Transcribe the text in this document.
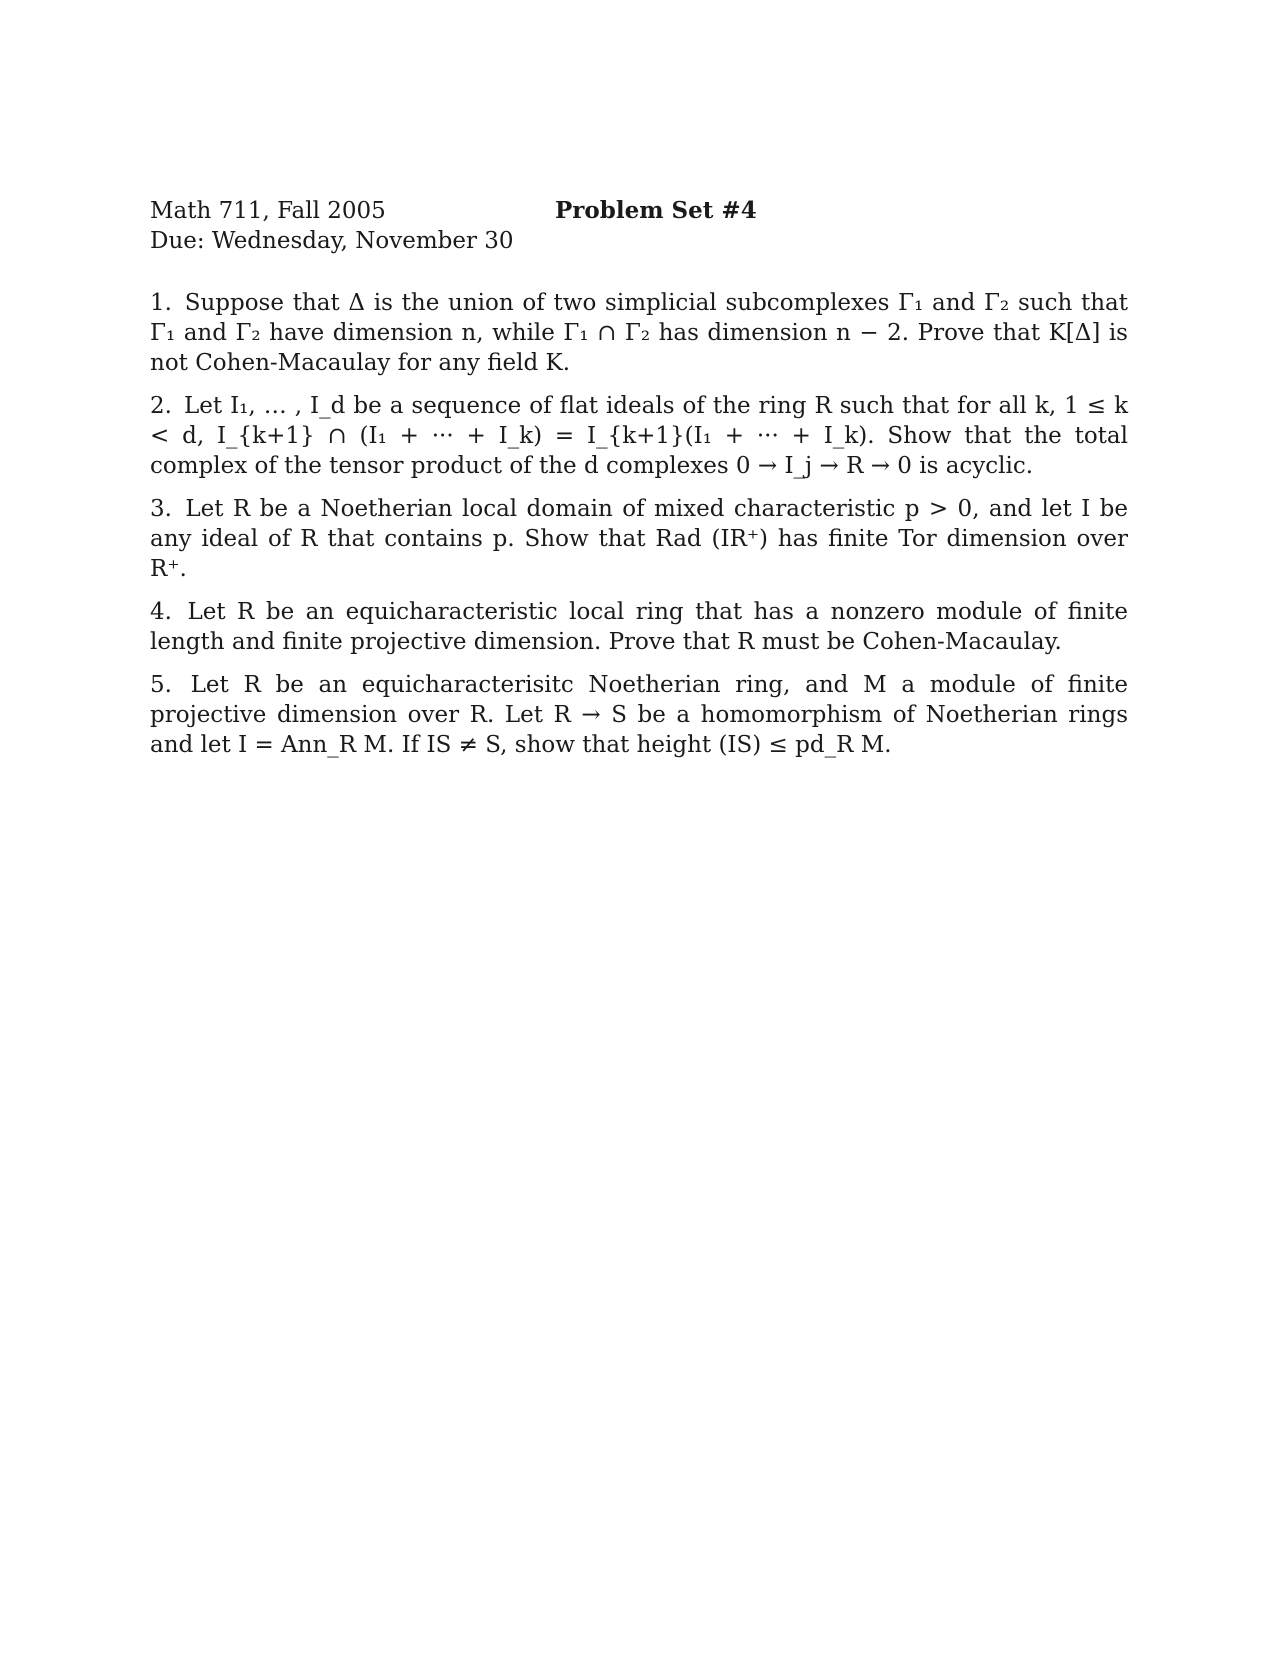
Math 711, Fall 2005
Due: Wednesday, November 30
Problem Set #4

1. Suppose that Δ is the union of two simplicial subcomplexes Γ₁ and Γ₂ such that Γ₁ and Γ₂ have dimension n, while Γ₁ ∩ Γ₂ has dimension n − 2. Prove that K[Δ] is not Cohen-Macaulay for any field K.

2. Let I₁, … , I_d be a sequence of flat ideals of the ring R such that for all k, 1 ≤ k < d, I_{k+1} ∩ (I₁ + ··· + I_k) = I_{k+1}(I₁ + ··· + I_k). Show that the total complex of the tensor product of the d complexes 0 → I_j → R → 0 is acyclic.

3. Let R be a Noetherian local domain of mixed characteristic p > 0, and let I be any ideal of R that contains p. Show that Rad (IR⁺) has finite Tor dimension over R⁺.

4. Let R be an equicharacteristic local ring that has a nonzero module of finite length and finite projective dimension. Prove that R must be Cohen-Macaulay.

5. Let R be an equicharacterisitc Noetherian ring, and M a module of finite projective dimension over R. Let R → S be a homomorphism of Noetherian rings and let I = Ann_R M. If IS ≠ S, show that height (IS) ≤ pd_R M.
